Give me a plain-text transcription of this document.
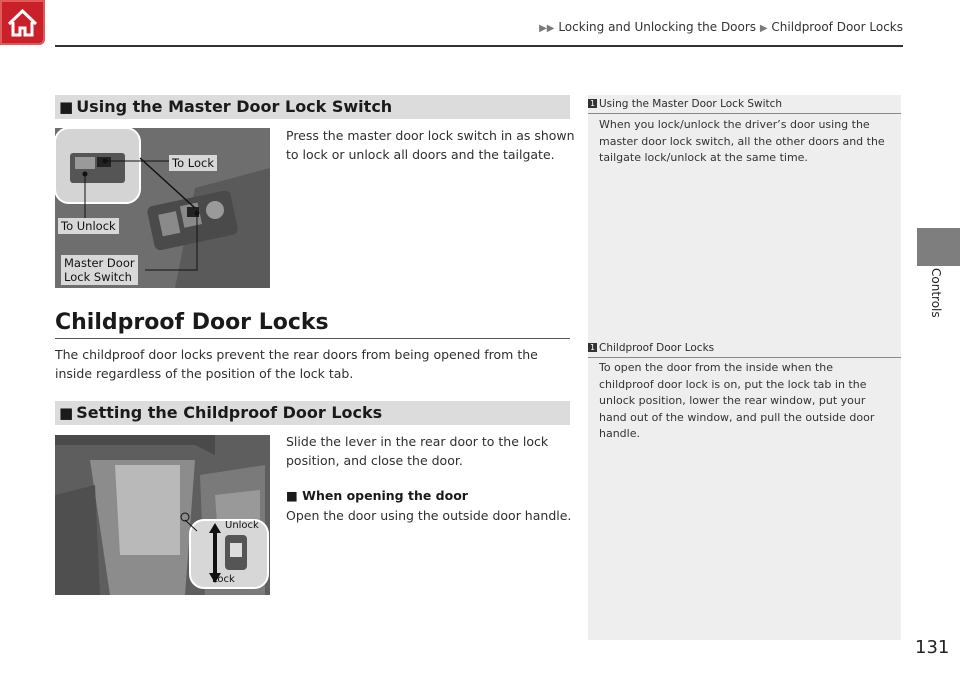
▶▶ Locking and Unlocking the Doors ▶ Childproof Door Locks
Controls
■ Using the Master Door Lock Switch
To Lock
To Unlock
Master Door
Lock Switch
Press the master door lock switch in as shown to lock or unlock all doors and the tailgate.
Childproof Door Locks
The childproof door locks prevent the rear doors from being opened from the inside regardless of the position of the lock tab.
■ Setting the Childproof Door Locks
Unlock
Lock
Slide the lever in the rear door to the lock position, and close the door.
■ When opening the door
Open the door using the outside door handle.
1 Using the Master Door Lock Switch
When you lock/unlock the driver’s door using the master door lock switch, all the other doors and the tailgate lock/unlock at the same time.
1 Childproof Door Locks
To open the door from the inside when the childproof door lock is on, put the lock tab in the unlock position, lower the rear window, put your hand out of the window, and pull the outside door handle.
131
